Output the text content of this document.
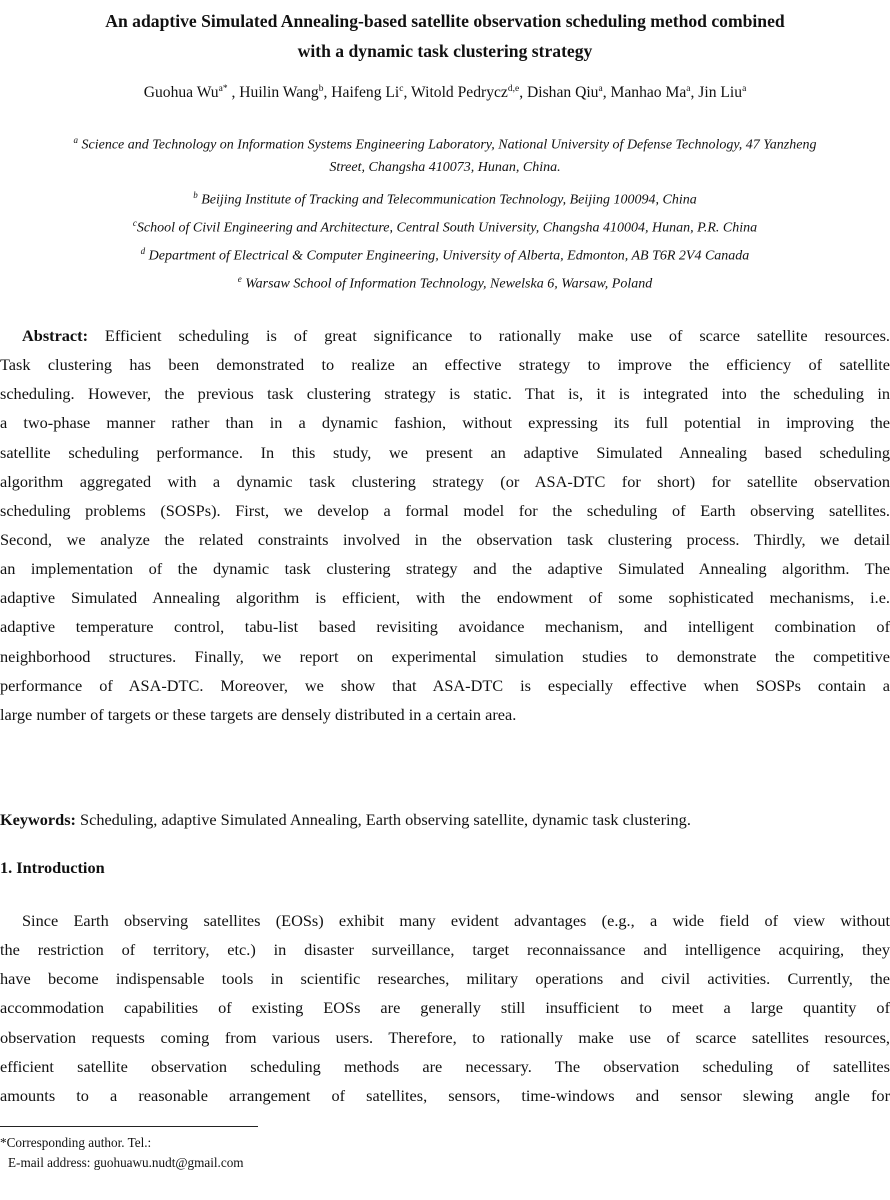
An adaptive Simulated Annealing-based satellite observation scheduling method combined
with a dynamic task clustering strategy
Guohua $Wu^{a*}$ , Huilin Wang$^b$, Haifeng Li$^c$, Witold Pedrycz$^{d,e}$, Dishan Qiu$^a$, Manhao Ma$^a$, Jin Liu$^a$
$^a$ Science and Technology on Information Systems Engineering Laboratory, National University of Defense Technology, 47 Yanzheng
Street, Changsha 410073, Hunan, China.
$^b$ Beijing Institute of Tracking and Telecommunication Technology, Beijing 100094, China
$^c$School of Civil Engineering and Architecture, Central South University, Changsha 410004, Hunan, P.R. China
$^d$ Department of Electrical & Computer Engineering, University of Alberta, Edmonton, AB T6R 2V4 Canada
$^e$ Warsaw School of Information Technology, Newelska 6, Warsaw, Poland
Abstract: Efficient scheduling is of great significance to rationally make use of scarce satellite resources.
Task clustering has been demonstrated to realize an effective strategy to improve the efficiency of satellite
scheduling. However, the previous task clustering strategy is static. That is, it is integrated into the scheduling in
a two-phase manner rather than in a dynamic fashion, without expressing its full potential in improving the
satellite scheduling performance. In this study, we present an adaptive Simulated Annealing based scheduling
algorithm aggregated with a dynamic task clustering strategy (or ASA-DTC for short) for satellite observation
scheduling problems (SOSPs). First, we develop a formal model for the scheduling of Earth observing satellites.
Second, we analyze the related constraints involved in the observation task clustering process. Thirdly, we detail
an implementation of the dynamic task clustering strategy and the adaptive Simulated Annealing algorithm. The
adaptive Simulated Annealing algorithm is efficient, with the endowment of some sophisticated mechanisms, i.e.
adaptive temperature control, tabu-list based revisiting avoidance mechanism, and intelligent combination of
neighborhood structures. Finally, we report on experimental simulation studies to demonstrate the competitive
performance of ASA-DTC. Moreover, we show that ASA-DTC is especially effective when SOSPs contain a
large number of targets or these targets are densely distributed in a certain area.
Keywords: Scheduling, adaptive Simulated Annealing, Earth observing satellite, dynamic task clustering.
1. Introduction
Since Earth observing satellites (EOSs) exhibit many evident advantages (e.g., a wide field of view without
the restriction of territory, etc.) in disaster surveillance, target reconnaissance and intelligence acquiring, they
have become indispensable tools in scientific researches, military operations and civil activities. Currently, the
accommodation capabilities of existing EOSs are generally still insufficient to meet a large quantity of
observation requests coming from various users. Therefore, to rationally make use of scarce satellites resources,
efficient satellite observation scheduling methods are necessary. The observation scheduling of satellites
amounts to a reasonable arrangement of satellites, sensors, time-windows and sensor slewing angle for
*Corresponding author. Tel.:
E-mail address: guohuawu.nudt@gmail.com
